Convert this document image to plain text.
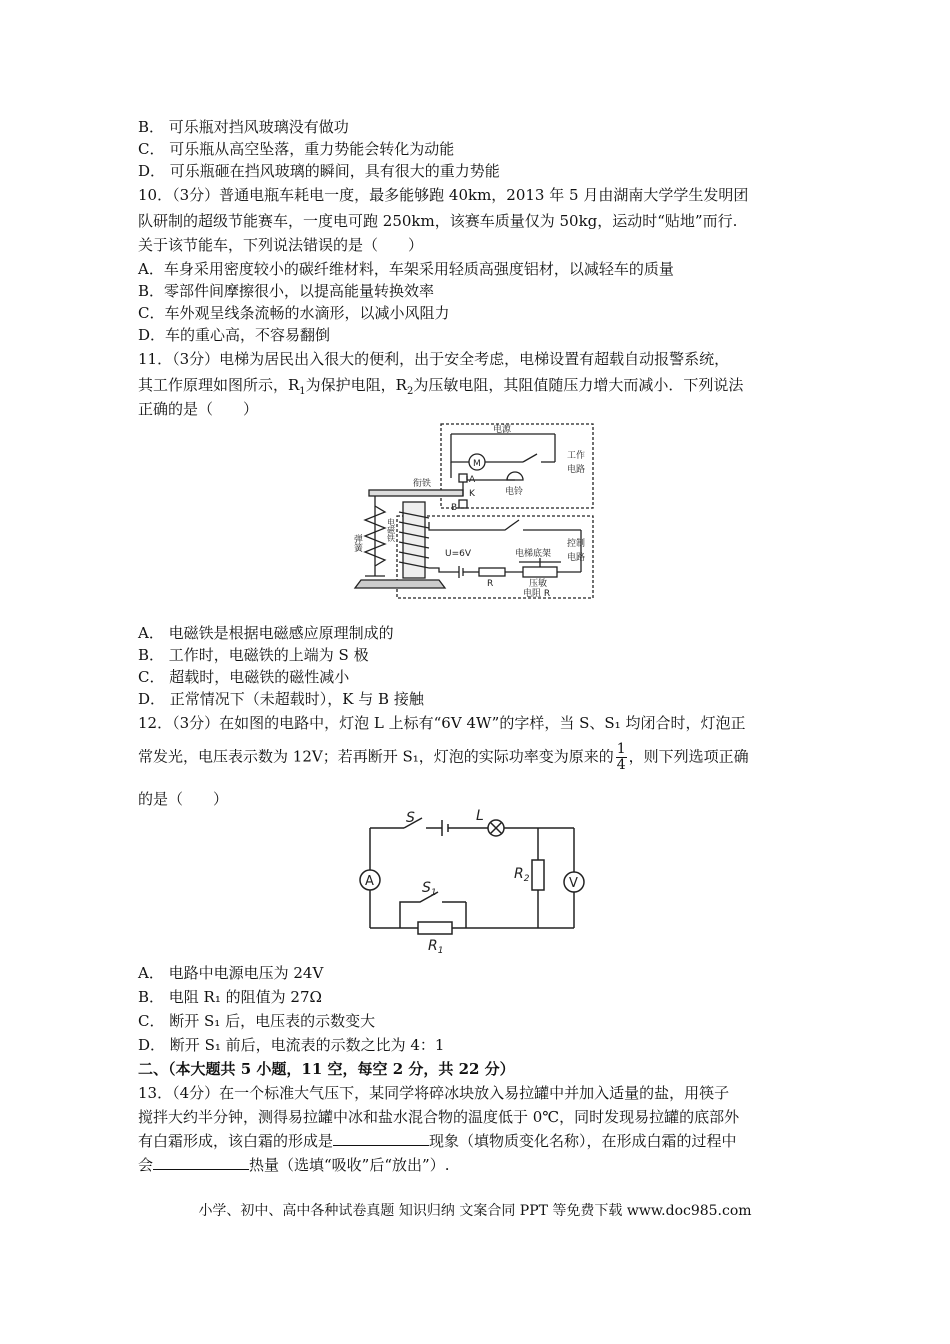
B． 可乐瓶对挡风玻璃没有做功
C． 可乐瓶从高空坠落，重力势能会转化为动能
D． 可乐瓶砸在挡风玻璃的瞬间，具有很大的重力势能
10．（3分）普通电瓶车耗电一度，最多能够跑 40km，2013 年 5 月由湖南大学学生发明团
队研制的超级节能赛车，一度电可跑 250km，该赛车质量仅为 50kg，运动时“贴地”而行.
关于该节能车，下列说法错误的是（　　）
A．车身采用密度较小的碳纤维材料，车架采用轻质高强度铝材，以减轻车的质量
B．零部件间摩擦很小，以提高能量转换效率
C．车外观呈线条流畅的水滴形，以减小风阻力
D．车的重心高，不容易翻倒
11．（3分）电梯为居民出入很大的便利，出于安全考虑，电梯设置有超载自动报警系统，
其工作原理如图所示，$R_1$为保护电阻，$R_2$为压敏电阻，其阻值随压力增大而减小．下列说法
正确的是（　　）
电源
M
工作
电路
电铃
衔铁	A
K
B
弹簧
电磁铁
U=6V	电梯底架
R	压敏
电阻 R
控制
电路
A． 电磁铁是根据电磁感应原理制成的
B． 工作时，电磁铁的上端为 S 极
C． 超载时，电磁铁的磁性减小
D． 正常情况下（未超载时），K 与 B 接触
12．（3分）在如图的电路中，灯泡 L 上标有“6V 4W”的字样，当 S、S₁ 均闭合时，灯泡正
常发光，电压表示数为 12V；若再断开 S₁，灯泡的实际功率变为原来的 $\frac{1}{4}$ ，则下列选项正确
的是（　　）
S	L
A	V
$S_1$
$R_1$
$R_2$
A． 电路中电源电压为 24V
B． 电阻 R₁ 的阻值为 27Ω
C． 断开 S₁ 后，电压表的示数变大
D． 断开 S₁ 前后，电流表的示数之比为 4：1
二、（本大题共 5 小题，11 空，每空 2 分，共 22 分）
13．（4分）在一个标准大气压下，某同学将碎冰块放入易拉罐中并加入适量的盐，用筷子
搅拌大约半分钟，测得易拉罐中冰和盐水混合物的温度低于 0℃，同时发现易拉罐的底部外
有白霜形成，该白霜的形成是	现象（填物质变化名称），在形成白霜的过程中
会	热量（选填“吸收”后“放出”）.
小学、初中、高中各种试卷真题 知识归纳 文案合同 PPT 等免费下载 www.doc985.com
